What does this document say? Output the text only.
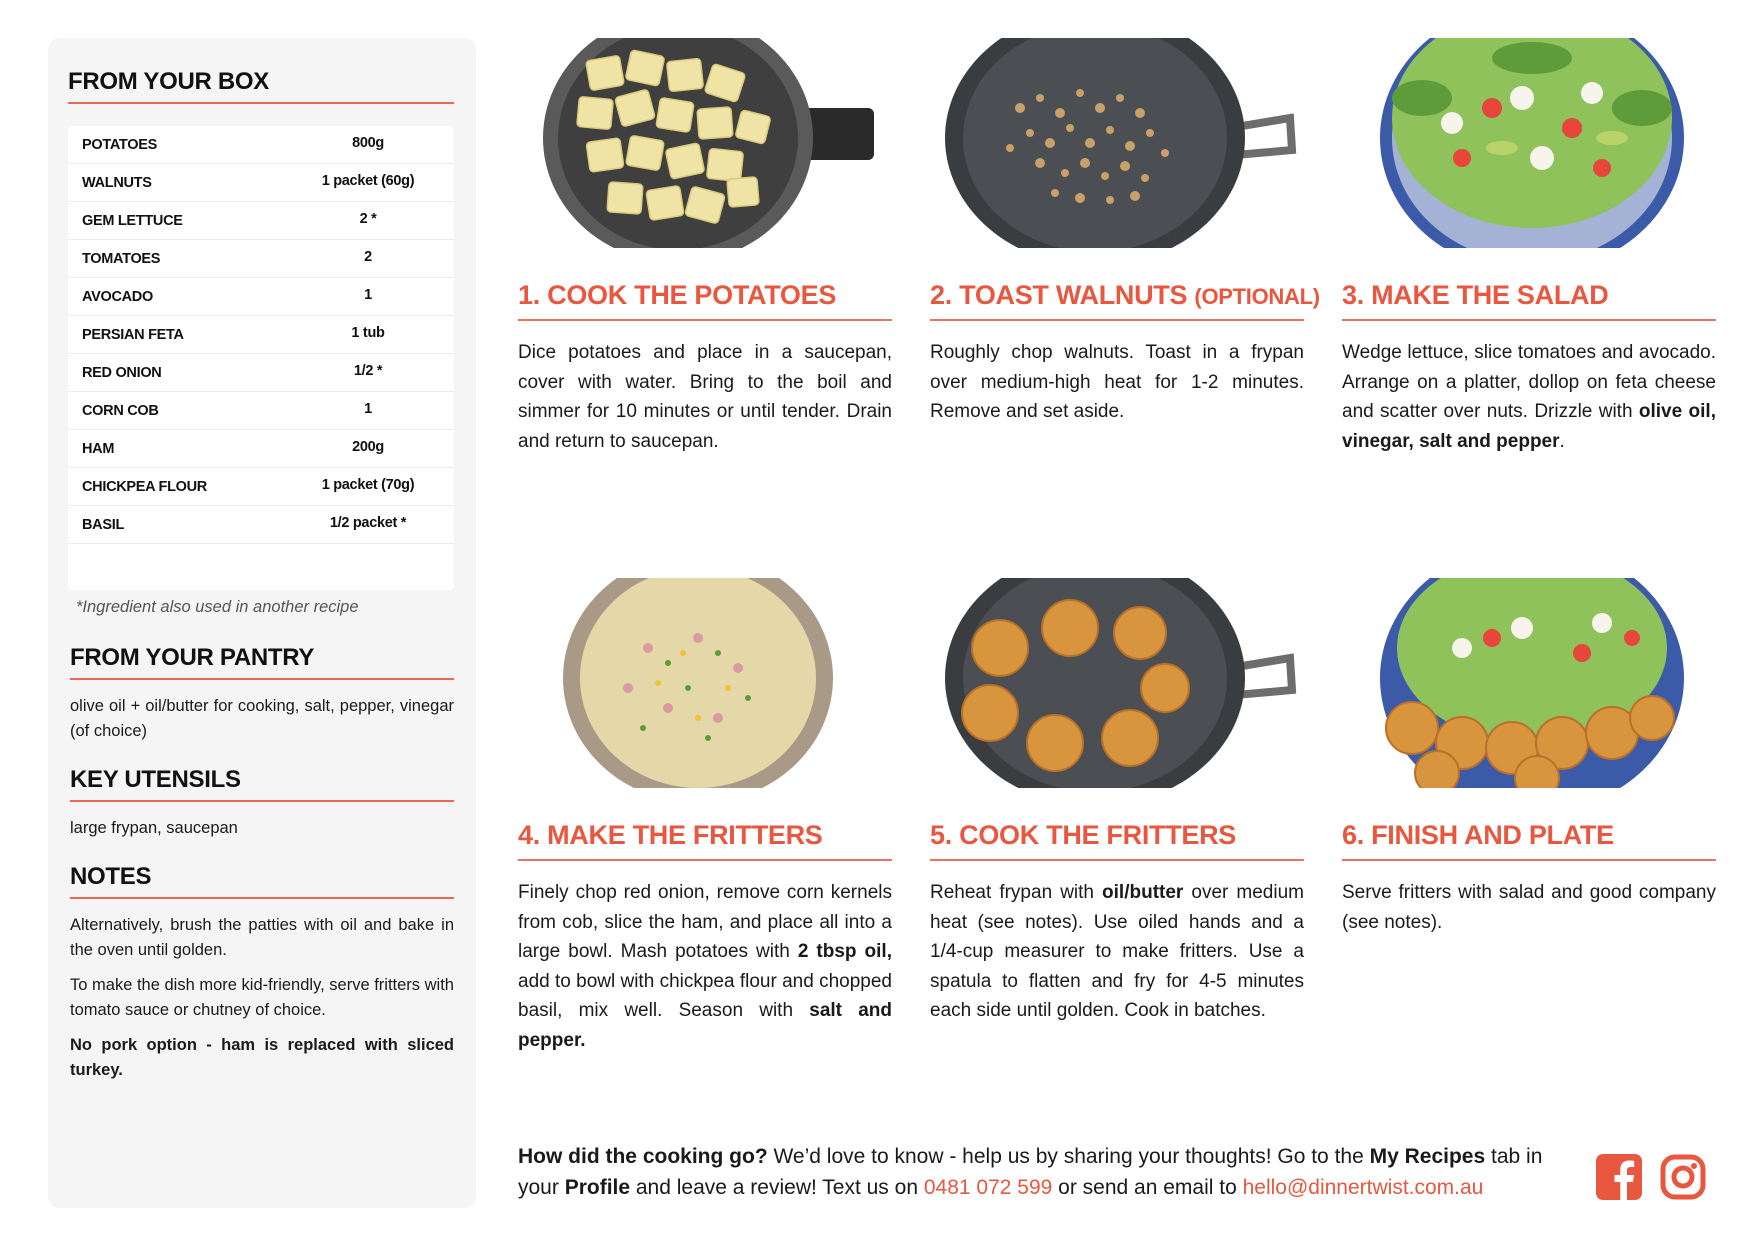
FROM YOUR BOX
POTATOES	800g
WALNUTS	1 packet (60g)
GEM LETTUCE	2 *
TOMATOES	2
AVOCADO	1
PERSIAN FETA	1 tub
RED ONION	1/2 *
CORN COB	1
HAM	200g
CHICKPEA FLOUR	1 packet (70g)
BASIL	1/2 packet *
*Ingredient also used in another recipe
FROM YOUR PANTRY
olive oil + oil/butter for cooking, salt, pepper, vinegar (of choice)
KEY UTENSILS
large frypan, saucepan
NOTES
Alternatively, brush the patties with oil and bake in the oven until golden.
To make the dish more kid-friendly, serve fritters with tomato sauce or chutney of choice.
No pork option - ham is replaced with sliced turkey.
1. COOK THE POTATOES
Dice potatoes and place in a saucepan, cover with water. Bring to the boil and simmer for 10 minutes or until tender. Drain and return to saucepan.
2. TOAST WALNUTS (OPTIONAL)
Roughly chop walnuts. Toast in a frypan over medium-high heat for 1-2 minutes. Remove and set aside.
3. MAKE THE SALAD
Wedge lettuce, slice tomatoes and avocado. Arrange on a platter, dollop on feta cheese and scatter over nuts. Drizzle with olive oil, vinegar, salt and pepper.
4. MAKE THE FRITTERS
Finely chop red onion, remove corn kernels from cob, slice the ham, and place all into a large bowl. Mash potatoes with 2 tbsp oil, add to bowl with chickpea flour and chopped basil, mix well. Season with salt and pepper.
5. COOK THE FRITTERS
Reheat frypan with oil/butter over medium heat (see notes). Use oiled hands and a 1/4-cup measurer to make fritters. Use a spatula to flatten and fry for 4-5 minutes each side until golden. Cook in batches.
6. FINISH AND PLATE
Serve fritters with salad and good company (see notes).
How did the cooking go? We’d love to know - help us by sharing your thoughts! Go to the My Recipes tab in your Profile and leave a review! Text us on 0481 072 599 or send an email to hello@dinnertwist.com.au
